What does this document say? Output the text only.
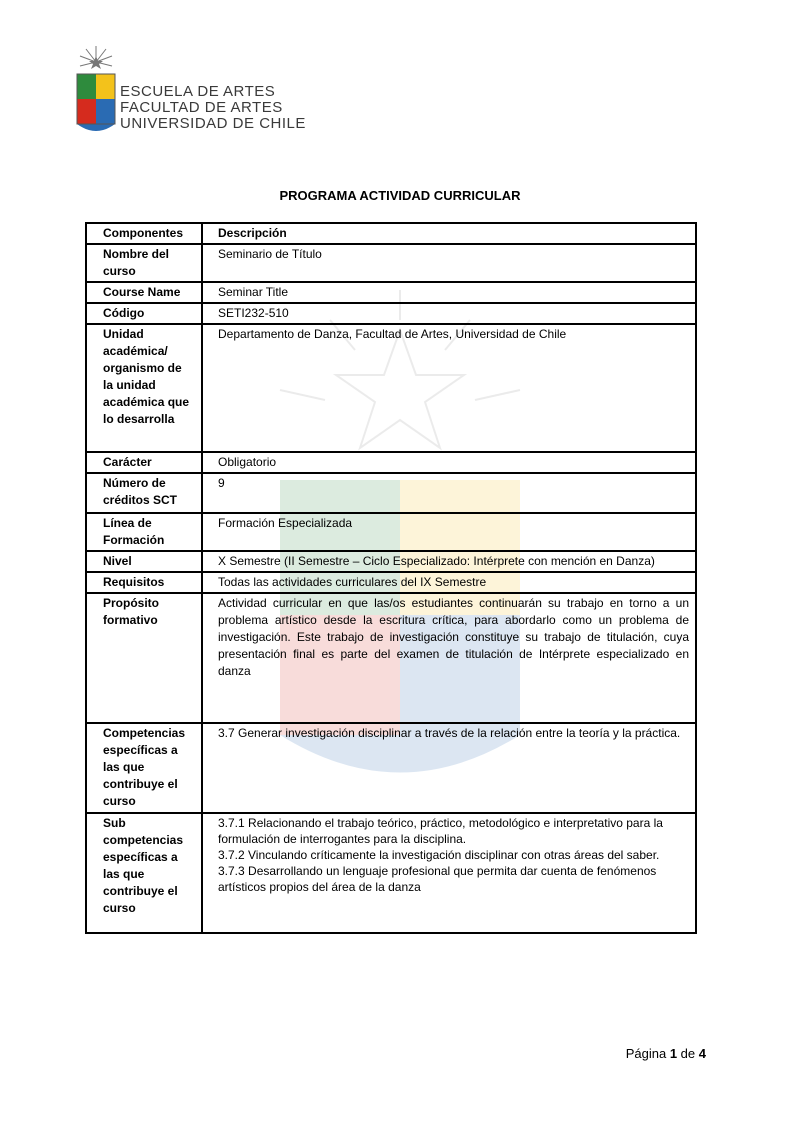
ESCUELA DE ARTES
FACULTAD DE ARTES
UNIVERSIDAD DE CHILE
PROGRAMA ACTIVIDAD CURRICULAR
Componentes	Descripción
Nombre del curso	Seminario de Título
Course Name	Seminar Title
Código	SETI232-510
Unidad académica/ organismo de la unidad académica que lo desarrolla	Departamento de Danza, Facultad de Artes, Universidad de Chile
Carácter	Obligatorio
Número de créditos SCT	9
Línea de Formación	Formación Especializada
Nivel	X Semestre (II Semestre – Ciclo Especializado: Intérprete con mención en Danza)
Requisitos	Todas las actividades curriculares del IX Semestre
Propósito formativo	Actividad curricular en que las/os estudiantes continuarán su trabajo en torno a un problema artístico desde la escritura crítica, para abordarlo como un problema de investigación. Este trabajo de investigación constituye su trabajo de titulación, cuya presentación final es parte del examen de titulación de Intérprete especializado en danza
Competencias específicas a las que contribuye el curso	3.7 Generar investigación disciplinar a través de la relación entre la teoría y la práctica.
Sub competencias específicas a las que contribuye el curso	3.7.1 Relacionando el trabajo teórico, práctico, metodológico e interpretativo para la formulación de interrogantes para la disciplina.
3.7.2 Vinculando críticamente la investigación disciplinar con otras áreas del saber.
3.7.3 Desarrollando un lenguaje profesional que permita dar cuenta de fenómenos artísticos propios del área de la danza
Página 1 de 4
